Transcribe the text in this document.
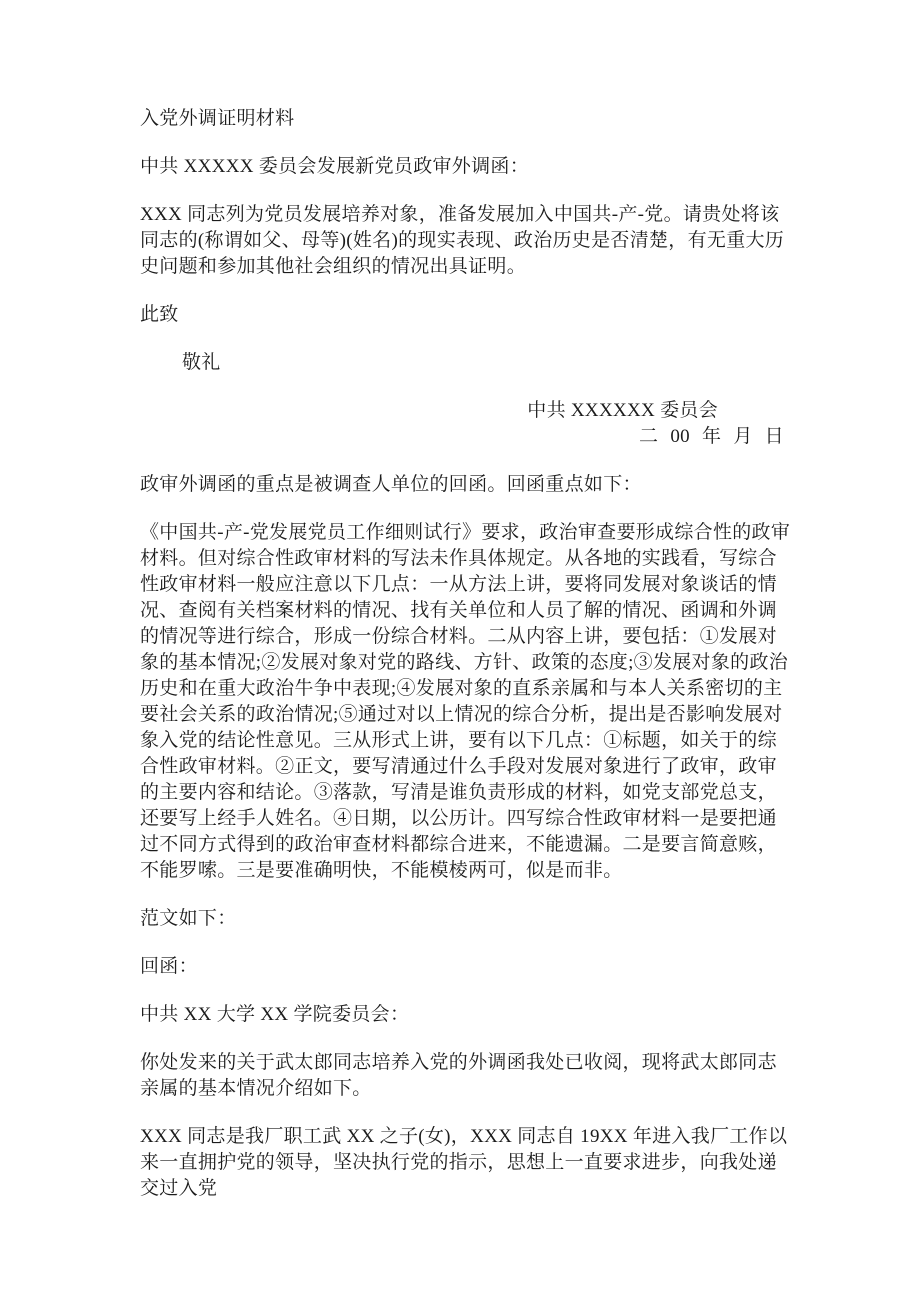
入党外调证明材料

中共 XXXXX 委员会发展新党员政审外调函：

XXX 同志列为党员发展培养对象，准备发展加入中国共-产-党。请贵处将该同志的(称谓如父、母等)(姓名)的现实表现、政治历史是否清楚，有无重大历史问题和参加其他社会组织的情况出具证明。

此致

敬礼

中共 XXXXXX 委员会

二 00 年 月 日

政审外调函的重点是被调查人单位的回函。回函重点如下：

《中国共-产-党发展党员工作细则试行》要求，政治审查要形成综合性的政审材料。但对综合性政审材料的写法未作具体规定。从各地的实践看，写综合性政审材料一般应注意以下几点：一从方法上讲，要将同发展对象谈话的情况、查阅有关档案材料的情况、找有关单位和人员了解的情况、函调和外调的情况等进行综合，形成一份综合材料。二从内容上讲，要包括：①发展对象的基本情况;②发展对象对党的路线、方针、政策的态度;③发展对象的政治历史和在重大政治牛争中表现;④发展对象的直系亲属和与本人关系密切的主要社会关系的政治情况;⑤通过对以上情况的综合分析，提出是否影响发展对象入党的结论性意见。三从形式上讲，要有以下几点：①标题，如关于的综合性政审材料。②正文，要写清通过什么手段对发展对象进行了政审，政审的主要内容和结论。③落款，写清是谁负责形成的材料，如党支部党总支，还要写上经手人姓名。④日期，以公历计。四写综合性政审材料一是要把通过不同方式得到的政治审查材料都综合进来，不能遗漏。二是要言简意赅，不能罗嗦。三是要准确明快，不能模棱两可，似是而非。

范文如下：

回函：

中共 XX 大学 XX 学院委员会：

你处发来的关于武太郎同志培养入党的外调函我处已收阅，现将武太郎同志亲属的基本情况介绍如下。

XXX 同志是我厂职工武 XX 之子(女)，XXX 同志自 19XX 年进入我厂工作以来一直拥护党的领导，坚决执行党的指示，思想上一直要求进步，向我处递交过入党
